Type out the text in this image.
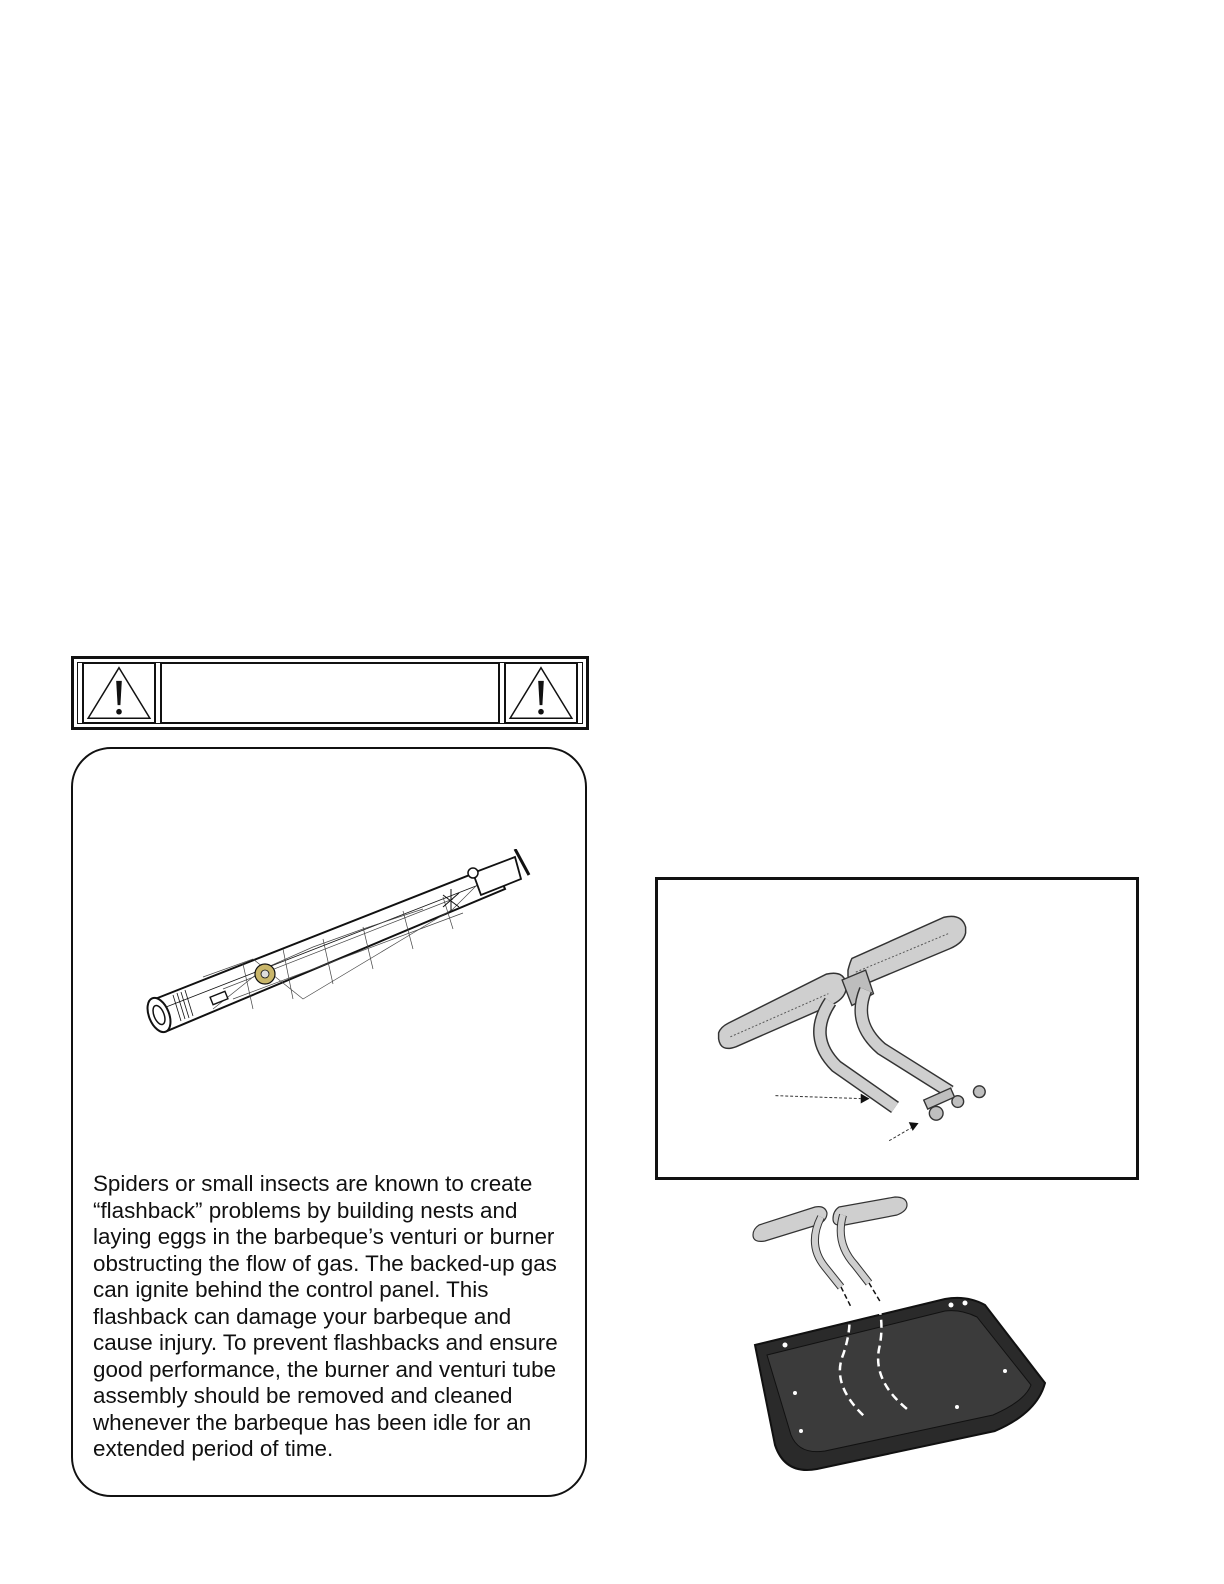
Spiders or small insects are known to create “flashback” problems by building nests and laying eggs in the barbeque’s venturi or burner obstructing the flow of gas. The backed-up gas can ignite behind the control panel. This flashback can damage your barbeque and cause injury. To prevent flashbacks and ensure good performance, the burner and venturi tube assembly should be removed and cleaned whenever the barbeque has been idle for an extended period of time.
